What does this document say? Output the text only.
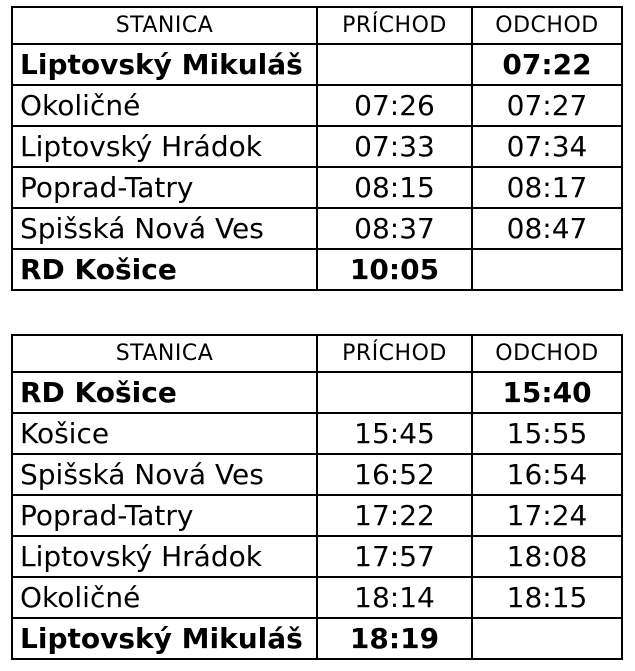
STANICA	PRÍCHOD	ODCHOD
Liptovský Mikuláš		07:22
Okoličné	07:26	07:27
Liptovský Hrádok	07:33	07:34
Poprad-Tatry	08:15	08:17
Spišská Nová Ves	08:37	08:47
RD Košice	10:05	
STANICA	PRÍCHOD	ODCHOD
RD Košice		15:40
Košice	15:45	15:55
Spišská Nová Ves	16:52	16:54
Poprad-Tatry	17:22	17:24
Liptovský Hrádok	17:57	18:08
Okoličné	18:14	18:15
Liptovský Mikuláš	18:19	
